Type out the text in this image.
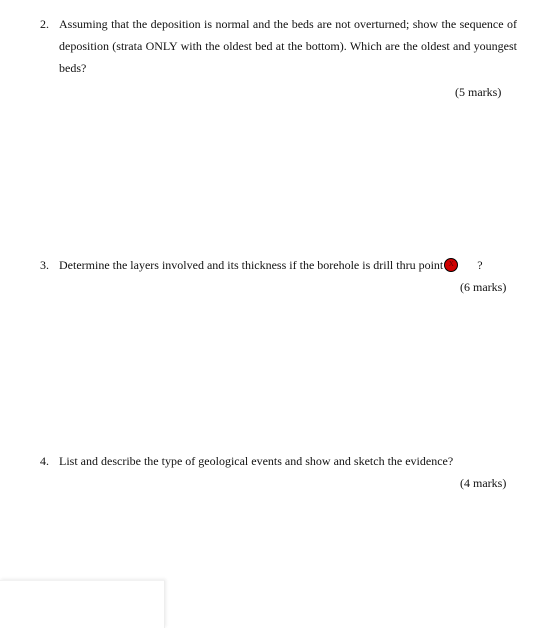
2. Assuming that the deposition is normal and the beds are not overturned; show the sequence of deposition (strata ONLY with the oldest bed at the bottom). Which are the oldest and youngest beds?
(5 marks)
3. Determine the layers involved and its thickness if the borehole is drill thru point X ?
(6 marks)
4. List and describe the type of geological events and show and sketch the evidence?
(4 marks)
